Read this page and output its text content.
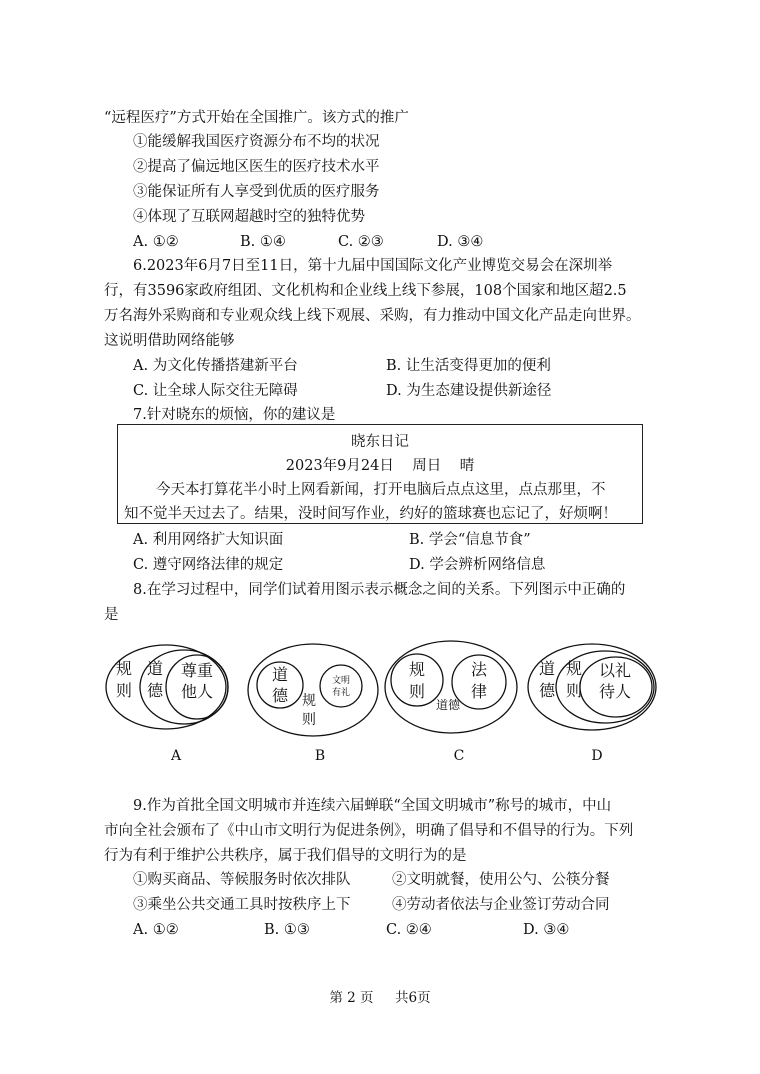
“远程医疗”方式开始在全国推广。该方式的推广
①能缓解我国医疗资源分布不均的状况
②提高了偏远地区医生的医疗技术水平
③能保证所有人享受到优质的医疗服务
④体现了互联网超越时空的独特优势
A. ①②	B. ①④	C. ②③	D. ③④
6.2023年6月7日至11日，第十九届中国国际文化产业博览交易会在深圳举
行，有3596家政府组团、文化机构和企业线上线下参展，108个国家和地区超2.5
万名海外采购商和专业观众线上线下观展、采购，有力推动中国文化产品走向世界。
这说明借助网络能够
A. 为文化传播搭建新平台	B. 让生活变得更加的便利
C. 让全球人际交往无障碍	D. 为生态建设提供新途径
7.针对晓东的烦恼，你的建议是
晓东日记
2023年9月24日    周日    晴
今天本打算花半小时上网看新闻，打开电脑后点点这里，点点那里，不
知不觉半天过去了。结果，没时间写作业，约好的篮球赛也忘记了，好烦啊！
A. 利用网络扩大知识面	B. 学会“信息节食”
C. 遵守网络法律的规定	D. 学会辨析网络信息
8.在学习过程中，同学们试着用图示表示概念之间的关系。下列图示中正确的
是
规
则
道
德
尊重
他人
A
道
德
文明
有礼
规
则
B
规
则
法
律
道德
C
道
德
规
则
以礼
待人
D
9.作为首批全国文明城市并连续六届蝉联“全国文明城市”称号的城市，中山
市向全社会颁布了《中山市文明行为促进条例》，明确了倡导和不倡导的行为。下列
行为有利于维护公共秩序，属于我们倡导的文明行为的是
①购买商品、等候服务时依次排队	②文明就餐，使用公勺、公筷分餐
③乘坐公共交通工具时按秩序上下	④劳动者依法与企业签订劳动合同
A. ①②	B. ①③	C. ②④	D. ③④
第 2 页     共6页
